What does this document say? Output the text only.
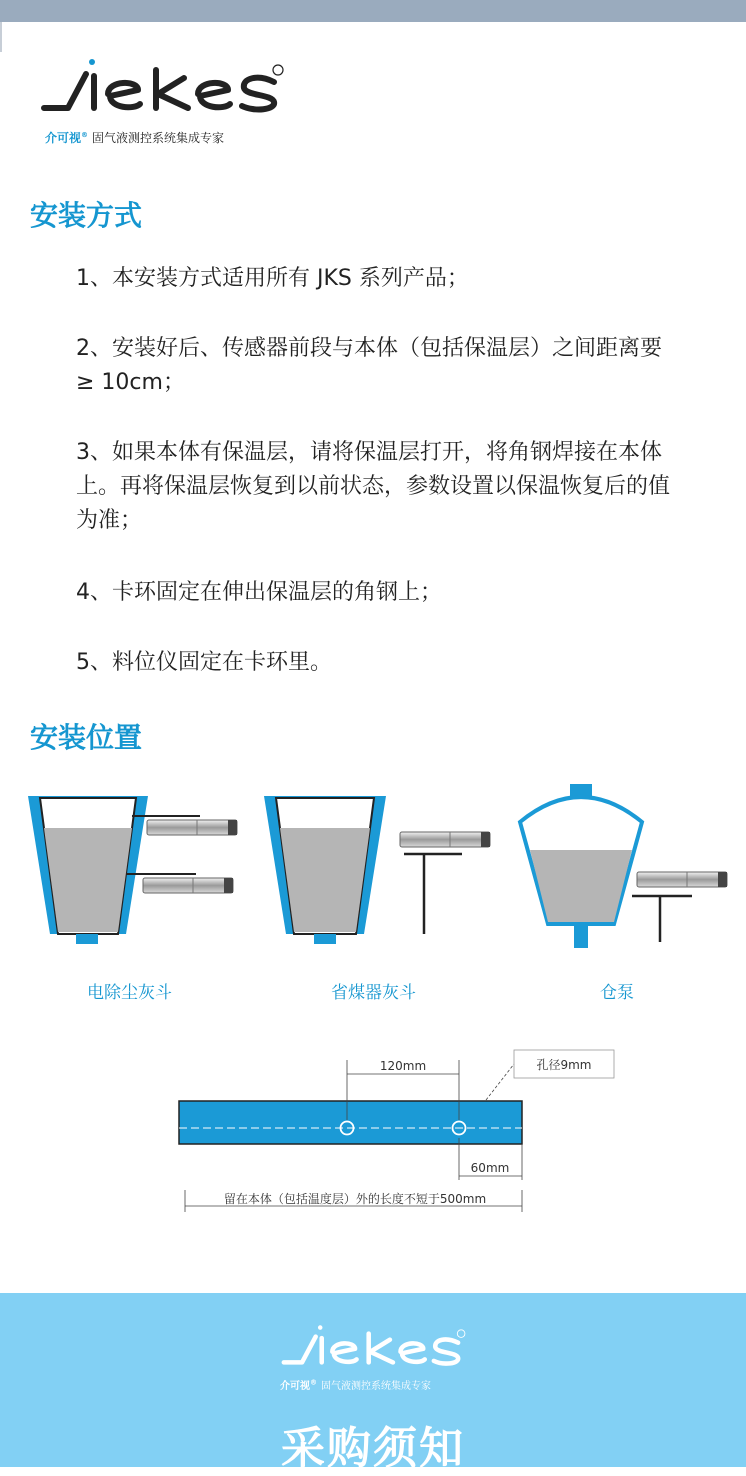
介可视® 固气液测控系统集成专家
安装方式

1、本安装方式适用所有 JKS 系列产品；

2、安装好后、传感器前段与本体（包括保温层）之间距离要≥ 10cm；

3、如果本体有保温层，请将保温层打开，将角钢焊接在本体上。再将保温层恢复到以前状态，参数设置以保温恢复后的值为准；

4、卡环固定在伸出保温层的角钢上；

5、料位仪固定在卡环里。

安装位置
电除尘灰斗	省煤器灰斗	仓泵
120mm	孔径9mm
60mm
留在本体（包括温度层）外的长度不短于500mm
介可视® 固气液测控系统集成专家
采购须知
